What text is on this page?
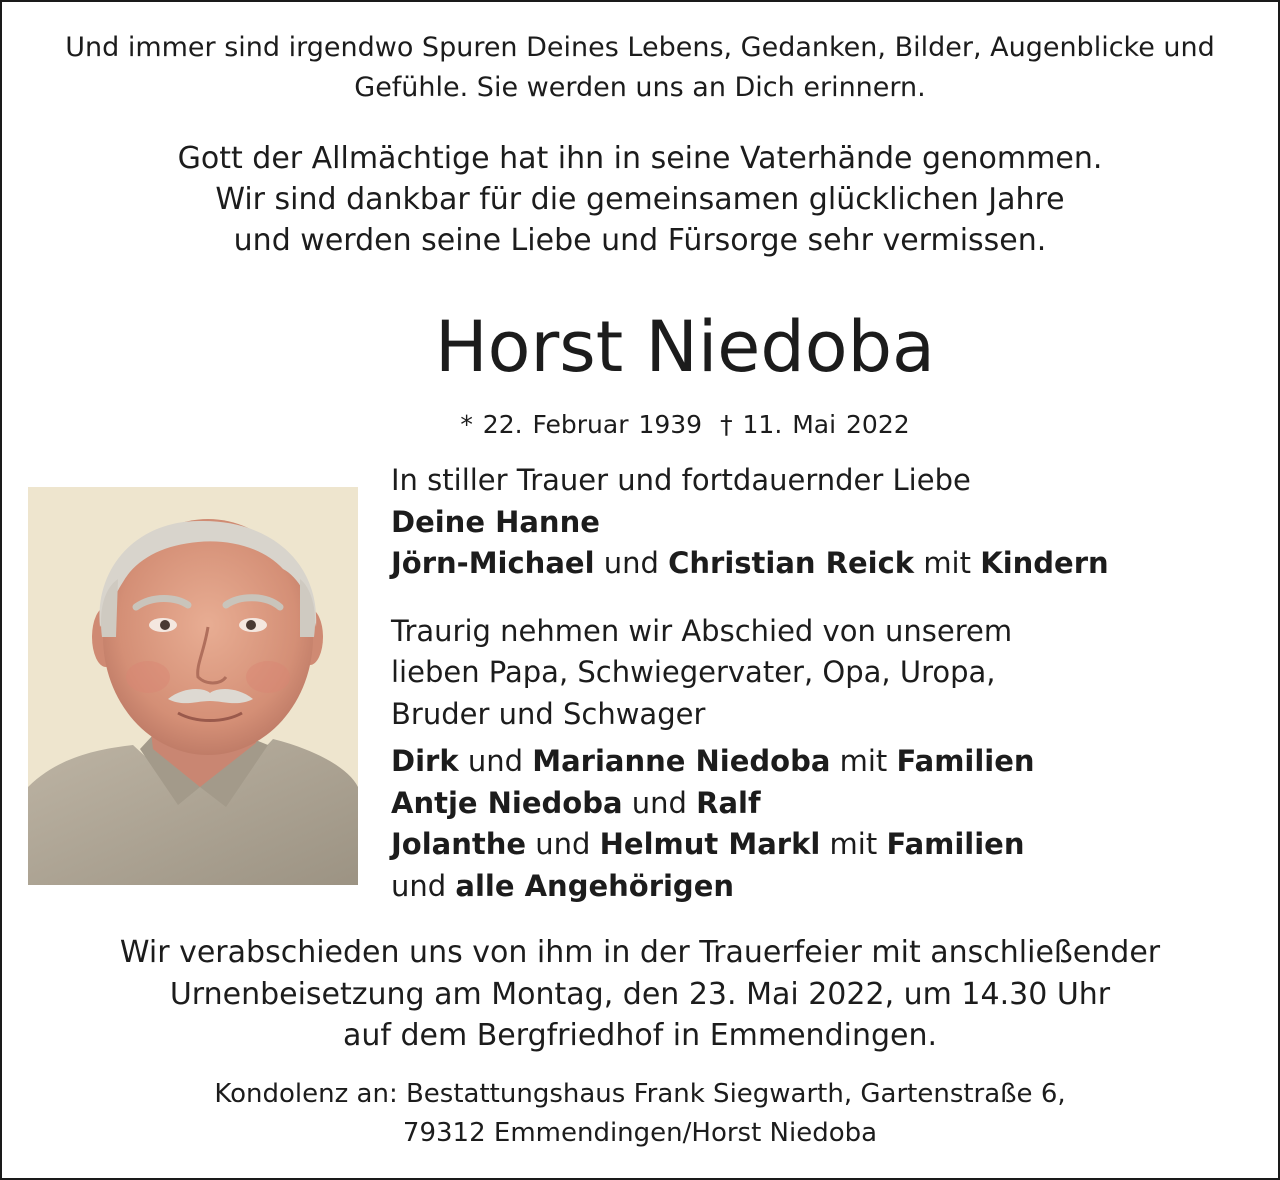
Und immer sind irgendwo Spuren Deines Lebens, Gedanken, Bilder, Augenblicke und
Gefühle. Sie werden uns an Dich erinnern.
Gott der Allmächtige hat ihn in seine Vaterhände genommen.
Wir sind dankbar für die gemeinsamen glücklichen Jahre
und werden seine Liebe und Fürsorge sehr vermissen.
Horst Niedoba
* 22. Februar 1939 † 11. Mai 2022
In stiller Trauer und fortdauernder Liebe
Deine Hanne
Jörn-Michael und Christian Reick mit Kindern
Traurig nehmen wir Abschied von unserem
lieben Papa, Schwiegervater, Opa, Uropa,
Bruder und Schwager
Dirk und Marianne Niedoba mit Familien
Antje Niedoba und Ralf
Jolanthe und Helmut Markl mit Familien
und alle Angehörigen
Wir verabschieden uns von ihm in der Trauerfeier mit anschließender
Urnenbeisetzung am Montag, den 23. Mai 2022, um 14.30 Uhr
auf dem Bergfriedhof in Emmendingen.
Kondolenz an: Bestattungshaus Frank Siegwarth, Gartenstraße 6,
79312 Emmendingen/Horst Niedoba
